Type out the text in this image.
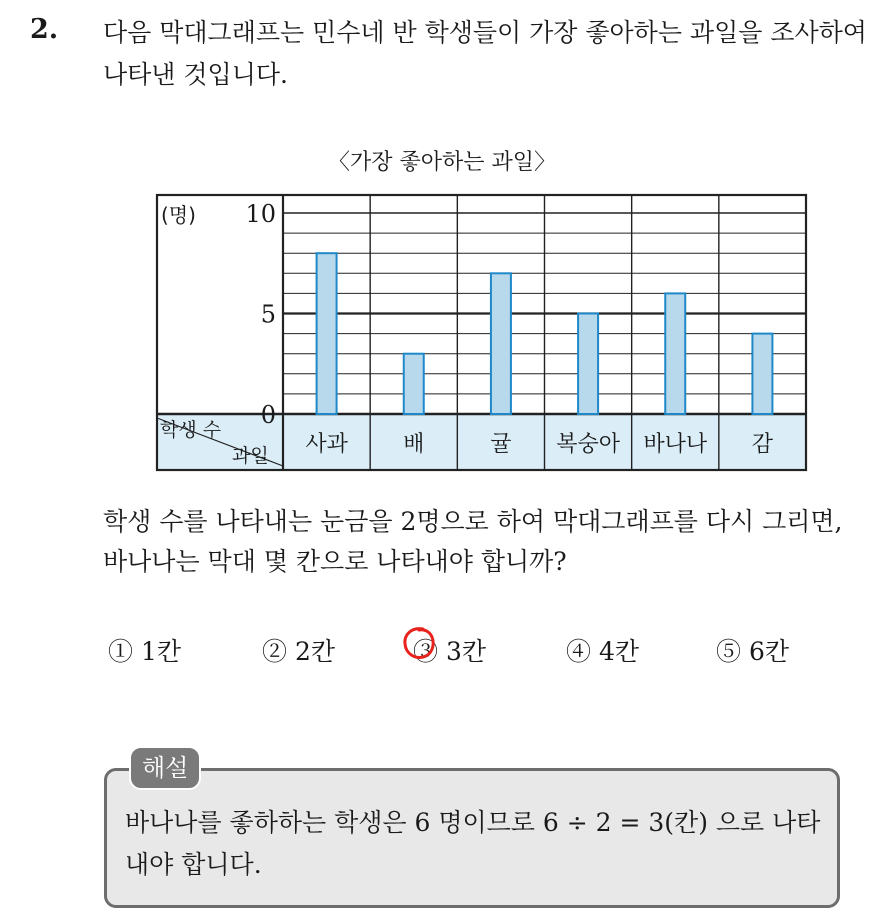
2. 다음 막대그래프는 민수네 반 학생들이 가장 좋아하는 과일을 조사하여 나타낸 것입니다.
〈가장 좋아하는 과일〉
사과	배	귤 복숭아 바나나 감
0
5
10
(명)
학생 수
과일
학생 수를 나타내는 눈금을 2명으로 하여 막대그래프를 다시 그리면, 바나나는 막대 몇 칸으로 나타내야 합니까?
① 1칸	② 2칸	③ 3칸	④ 4칸	⑤ 6칸
해설
바나나를 좋하하는 학생은 6 명이므로 6 ÷ 2 = 3(칸) 으로 나타내야 합니다.
